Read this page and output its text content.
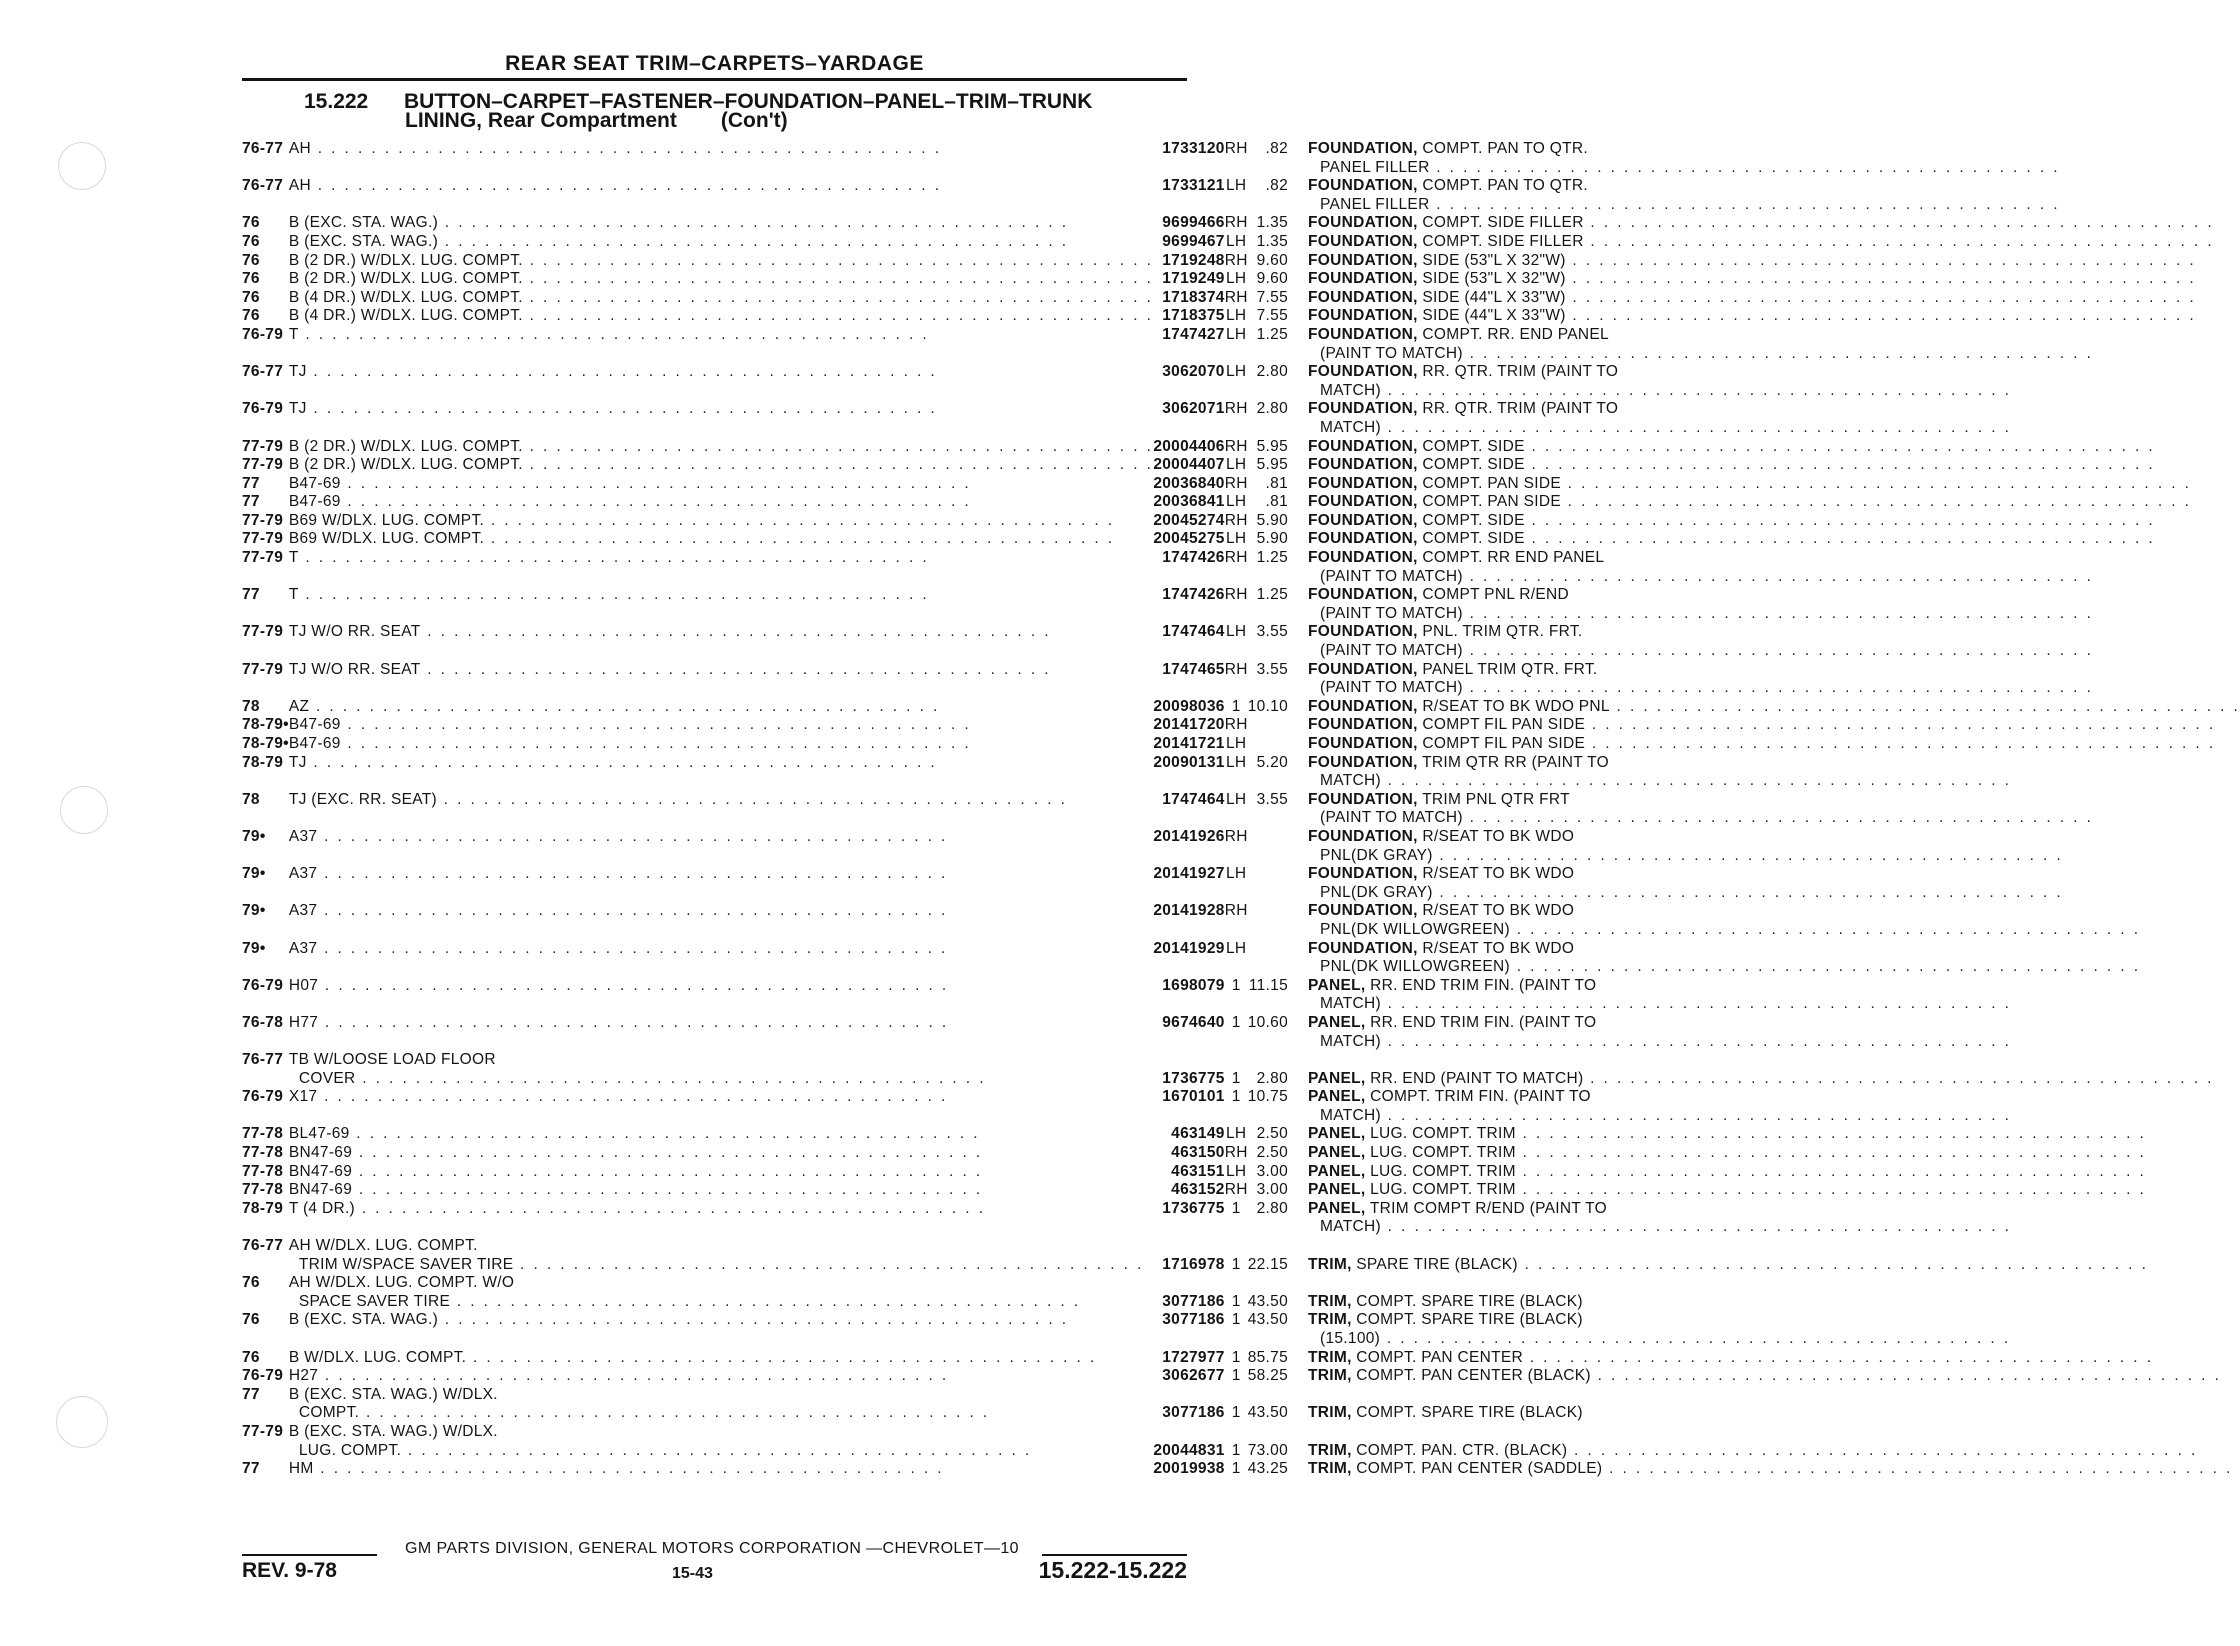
REAR SEAT TRIM–CARPETS–YARDAGE
15.222 BUTTON–CARPET–FASTENER–FOUNDATION–PANEL–TRIM–TRUNK
LINING, Rear Compartment (Con't)
76-77	AH . . . . . . . . . . . . . . . . . . . . . . . . . . . . . . . . . . . . . . . . . . . . . . .	1733120	RH	.82	FOUNDATION, COMPT. PAN TO QTR.
					PANEL FILLER . . . . . . . . . . . . . . . . . . . . . . . . . . . . . . . . . . . . . . . . . . . . . . .
76-77	AH . . . . . . . . . . . . . . . . . . . . . . . . . . . . . . . . . . . . . . . . . . . . . . .	1733121	LH	.82	FOUNDATION, COMPT. PAN TO QTR.
					PANEL FILLER . . . . . . . . . . . . . . . . . . . . . . . . . . . . . . . . . . . . . . . . . . . . . . .
76	B (EXC. STA. WAG.) . . . . . . . . . . . . . . . . . . . . . . . . . . . . . . . . . . . . . . . . . . . . . . .	9699466	RH	1.35	FOUNDATION, COMPT. SIDE FILLER . . . . . . . . . . . . . . . . . . . . . . . . . . . . . . . . . . . . . . . . . . . . . . .
76	B (EXC. STA. WAG.) . . . . . . . . . . . . . . . . . . . . . . . . . . . . . . . . . . . . . . . . . . . . . . .	9699467	LH	1.35	FOUNDATION, COMPT. SIDE FILLER . . . . . . . . . . . . . . . . . . . . . . . . . . . . . . . . . . . . . . . . . . . . . . .
76	B (2 DR.) W/DLX. LUG. COMPT. . . . . . . . . . . . . . . . . . . . . . . . . . . . . . . . . . . . . . . . . . . . . . . .	1719248	RH	9.60	FOUNDATION, SIDE (53"L X 32"W) . . . . . . . . . . . . . . . . . . . . . . . . . . . . . . . . . . . . . . . . . . . . . . .
76	B (2 DR.) W/DLX. LUG. COMPT. . . . . . . . . . . . . . . . . . . . . . . . . . . . . . . . . . . . . . . . . . . . . . . .	1719249	LH	9.60	FOUNDATION, SIDE (53"L X 32"W) . . . . . . . . . . . . . . . . . . . . . . . . . . . . . . . . . . . . . . . . . . . . . . .
76	B (4 DR.) W/DLX. LUG. COMPT. . . . . . . . . . . . . . . . . . . . . . . . . . . . . . . . . . . . . . . . . . . . . . . .	1718374	RH	7.55	FOUNDATION, SIDE (44"L X 33"W) . . . . . . . . . . . . . . . . . . . . . . . . . . . . . . . . . . . . . . . . . . . . . . .
76	B (4 DR.) W/DLX. LUG. COMPT. . . . . . . . . . . . . . . . . . . . . . . . . . . . . . . . . . . . . . . . . . . . . . . .	1718375	LH	7.55	FOUNDATION, SIDE (44"L X 33"W) . . . . . . . . . . . . . . . . . . . . . . . . . . . . . . . . . . . . . . . . . . . . . . .
76-79	T . . . . . . . . . . . . . . . . . . . . . . . . . . . . . . . . . . . . . . . . . . . . . . .	1747427	LH	1.25	FOUNDATION, COMPT. RR. END PANEL
					(PAINT TO MATCH) . . . . . . . . . . . . . . . . . . . . . . . . . . . . . . . . . . . . . . . . . . . . . . .
76-77	TJ . . . . . . . . . . . . . . . . . . . . . . . . . . . . . . . . . . . . . . . . . . . . . . .	3062070	LH	2.80	FOUNDATION, RR. QTR. TRIM (PAINT TO
					MATCH) . . . . . . . . . . . . . . . . . . . . . . . . . . . . . . . . . . . . . . . . . . . . . . .
76-79	TJ . . . . . . . . . . . . . . . . . . . . . . . . . . . . . . . . . . . . . . . . . . . . . . .	3062071	RH	2.80	FOUNDATION, RR. QTR. TRIM (PAINT TO
					MATCH) . . . . . . . . . . . . . . . . . . . . . . . . . . . . . . . . . . . . . . . . . . . . . . .
77-79	B (2 DR.) W/DLX. LUG. COMPT. . . . . . . . . . . . . . . . . . . . . . . . . . . . . . . . . . . . . . . . . . . . . . . .	20004406	RH	5.95	FOUNDATION, COMPT. SIDE . . . . . . . . . . . . . . . . . . . . . . . . . . . . . . . . . . . . . . . . . . . . . . .
77-79	B (2 DR.) W/DLX. LUG. COMPT. . . . . . . . . . . . . . . . . . . . . . . . . . . . . . . . . . . . . . . . . . . . . . . .	20004407	LH	5.95	FOUNDATION, COMPT. SIDE . . . . . . . . . . . . . . . . . . . . . . . . . . . . . . . . . . . . . . . . . . . . . . .
77	B47-69 . . . . . . . . . . . . . . . . . . . . . . . . . . . . . . . . . . . . . . . . . . . . . . .	20036840	RH	.81	FOUNDATION, COMPT. PAN SIDE . . . . . . . . . . . . . . . . . . . . . . . . . . . . . . . . . . . . . . . . . . . . . . .
77	B47-69 . . . . . . . . . . . . . . . . . . . . . . . . . . . . . . . . . . . . . . . . . . . . . . .	20036841	LH	.81	FOUNDATION, COMPT. PAN SIDE . . . . . . . . . . . . . . . . . . . . . . . . . . . . . . . . . . . . . . . . . . . . . . .
77-79	B69 W/DLX. LUG. COMPT. . . . . . . . . . . . . . . . . . . . . . . . . . . . . . . . . . . . . . . . . . . . . . . .	20045274	RH	5.90	FOUNDATION, COMPT. SIDE . . . . . . . . . . . . . . . . . . . . . . . . . . . . . . . . . . . . . . . . . . . . . . .
77-79	B69 W/DLX. LUG. COMPT. . . . . . . . . . . . . . . . . . . . . . . . . . . . . . . . . . . . . . . . . . . . . . . .	20045275	LH	5.90	FOUNDATION, COMPT. SIDE . . . . . . . . . . . . . . . . . . . . . . . . . . . . . . . . . . . . . . . . . . . . . . .
77-79	T . . . . . . . . . . . . . . . . . . . . . . . . . . . . . . . . . . . . . . . . . . . . . . .	1747426	RH	1.25	FOUNDATION, COMPT. RR END PANEL
					(PAINT TO MATCH) . . . . . . . . . . . . . . . . . . . . . . . . . . . . . . . . . . . . . . . . . . . . . . .
77	T . . . . . . . . . . . . . . . . . . . . . . . . . . . . . . . . . . . . . . . . . . . . . . .	1747426	RH	1.25	FOUNDATION, COMPT PNL R/END
					(PAINT TO MATCH) . . . . . . . . . . . . . . . . . . . . . . . . . . . . . . . . . . . . . . . . . . . . . . .
77-79	TJ W/O RR. SEAT . . . . . . . . . . . . . . . . . . . . . . . . . . . . . . . . . . . . . . . . . . . . . . .	1747464	LH	3.55	FOUNDATION, PNL. TRIM QTR. FRT.
					(PAINT TO MATCH) . . . . . . . . . . . . . . . . . . . . . . . . . . . . . . . . . . . . . . . . . . . . . . .
77-79	TJ W/O RR. SEAT . . . . . . . . . . . . . . . . . . . . . . . . . . . . . . . . . . . . . . . . . . . . . . .	1747465	RH	3.55	FOUNDATION, PANEL TRIM QTR. FRT.
					(PAINT TO MATCH) . . . . . . . . . . . . . . . . . . . . . . . . . . . . . . . . . . . . . . . . . . . . . . .
78	AZ . . . . . . . . . . . . . . . . . . . . . . . . . . . . . . . . . . . . . . . . . . . . . . .	20098036	1	10.10	FOUNDATION, R/SEAT TO BK WDO PNL . . . . . . . . . . . . . . . . . . . . . . . . . . . . . . . . . . . . . . . . . . . . . . .
78-79•	B47-69 . . . . . . . . . . . . . . . . . . . . . . . . . . . . . . . . . . . . . . . . . . . . . . .	20141720	RH		FOUNDATION, COMPT FIL PAN SIDE . . . . . . . . . . . . . . . . . . . . . . . . . . . . . . . . . . . . . . . . . . . . . . .
78-79•	B47-69 . . . . . . . . . . . . . . . . . . . . . . . . . . . . . . . . . . . . . . . . . . . . . . .	20141721	LH		FOUNDATION, COMPT FIL PAN SIDE . . . . . . . . . . . . . . . . . . . . . . . . . . . . . . . . . . . . . . . . . . . . . . .
78-79	TJ . . . . . . . . . . . . . . . . . . . . . . . . . . . . . . . . . . . . . . . . . . . . . . .	20090131	LH	5.20	FOUNDATION, TRIM QTR RR (PAINT TO
					MATCH) . . . . . . . . . . . . . . . . . . . . . . . . . . . . . . . . . . . . . . . . . . . . . . .
78	TJ (EXC. RR. SEAT) . . . . . . . . . . . . . . . . . . . . . . . . . . . . . . . . . . . . . . . . . . . . . . .	1747464	LH	3.55	FOUNDATION, TRIM PNL QTR FRT
					(PAINT TO MATCH) . . . . . . . . . . . . . . . . . . . . . . . . . . . . . . . . . . . . . . . . . . . . . . .
79•	A37 . . . . . . . . . . . . . . . . . . . . . . . . . . . . . . . . . . . . . . . . . . . . . . .	20141926	RH		FOUNDATION, R/SEAT TO BK WDO
					PNL(DK GRAY) . . . . . . . . . . . . . . . . . . . . . . . . . . . . . . . . . . . . . . . . . . . . . . .
79•	A37 . . . . . . . . . . . . . . . . . . . . . . . . . . . . . . . . . . . . . . . . . . . . . . .	20141927	LH		FOUNDATION, R/SEAT TO BK WDO
					PNL(DK GRAY) . . . . . . . . . . . . . . . . . . . . . . . . . . . . . . . . . . . . . . . . . . . . . . .
79•	A37 . . . . . . . . . . . . . . . . . . . . . . . . . . . . . . . . . . . . . . . . . . . . . . .	20141928	RH		FOUNDATION, R/SEAT TO BK WDO
					PNL(DK WILLOWGREEN) . . . . . . . . . . . . . . . . . . . . . . . . . . . . . . . . . . . . . . . . . . . . . . .
79•	A37 . . . . . . . . . . . . . . . . . . . . . . . . . . . . . . . . . . . . . . . . . . . . . . .	20141929	LH		FOUNDATION, R/SEAT TO BK WDO
					PNL(DK WILLOWGREEN) . . . . . . . . . . . . . . . . . . . . . . . . . . . . . . . . . . . . . . . . . . . . . . .
76-79	H07 . . . . . . . . . . . . . . . . . . . . . . . . . . . . . . . . . . . . . . . . . . . . . . .	1698079	1	11.15	PANEL, RR. END TRIM FIN. (PAINT TO
					MATCH) . . . . . . . . . . . . . . . . . . . . . . . . . . . . . . . . . . . . . . . . . . . . . . .
76-78	H77 . . . . . . . . . . . . . . . . . . . . . . . . . . . . . . . . . . . . . . . . . . . . . . .	9674640	1	10.60	PANEL, RR. END TRIM FIN. (PAINT TO
					MATCH) . . . . . . . . . . . . . . . . . . . . . . . . . . . . . . . . . . . . . . . . . . . . . . .
76-77	TB W/LOOSE LOAD FLOOR				
	COVER . . . . . . . . . . . . . . . . . . . . . . . . . . . . . . . . . . . . . . . . . . . . . . .	1736775	1	2.80	PANEL, RR. END (PAINT TO MATCH) . . . . . . . . . . . . . . . . . . . . . . . . . . . . . . . . . . . . . . . . . . . . . . .
76-79	X17 . . . . . . . . . . . . . . . . . . . . . . . . . . . . . . . . . . . . . . . . . . . . . . .	1670101	1	10.75	PANEL, COMPT. TRIM FIN. (PAINT TO
					MATCH) . . . . . . . . . . . . . . . . . . . . . . . . . . . . . . . . . . . . . . . . . . . . . . .
77-78	BL47-69 . . . . . . . . . . . . . . . . . . . . . . . . . . . . . . . . . . . . . . . . . . . . . . .	463149	LH	2.50	PANEL, LUG. COMPT. TRIM . . . . . . . . . . . . . . . . . . . . . . . . . . . . . . . . . . . . . . . . . . . . . . .
77-78	BN47-69 . . . . . . . . . . . . . . . . . . . . . . . . . . . . . . . . . . . . . . . . . . . . . . .	463150	RH	2.50	PANEL, LUG. COMPT. TRIM . . . . . . . . . . . . . . . . . . . . . . . . . . . . . . . . . . . . . . . . . . . . . . .
77-78	BN47-69 . . . . . . . . . . . . . . . . . . . . . . . . . . . . . . . . . . . . . . . . . . . . . . .	463151	LH	3.00	PANEL, LUG. COMPT. TRIM . . . . . . . . . . . . . . . . . . . . . . . . . . . . . . . . . . . . . . . . . . . . . . .
77-78	BN47-69 . . . . . . . . . . . . . . . . . . . . . . . . . . . . . . . . . . . . . . . . . . . . . . .	463152	RH	3.00	PANEL, LUG. COMPT. TRIM . . . . . . . . . . . . . . . . . . . . . . . . . . . . . . . . . . . . . . . . . . . . . . .
78-79	T (4 DR.) . . . . . . . . . . . . . . . . . . . . . . . . . . . . . . . . . . . . . . . . . . . . . . .	1736775	1	2.80	PANEL, TRIM COMPT R/END (PAINT TO
					MATCH) . . . . . . . . . . . . . . . . . . . . . . . . . . . . . . . . . . . . . . . . . . . . . . .
76-77	AH W/DLX. LUG. COMPT.				
	TRIM W/SPACE SAVER TIRE . . . . . . . . . . . . . . . . . . . . . . . . . . . . . . . . . . . . . . . . . . . . . . .	1716978	1	22.15	TRIM, SPARE TIRE (BLACK) . . . . . . . . . . . . . . . . . . . . . . . . . . . . . . . . . . . . . . . . . . . . . . .
76	AH W/DLX. LUG. COMPT. W/O				
	SPACE SAVER TIRE . . . . . . . . . . . . . . . . . . . . . . . . . . . . . . . . . . . . . . . . . . . . . . .	3077186	1	43.50	TRIM, COMPT. SPARE TIRE (BLACK)
76	B (EXC. STA. WAG.) . . . . . . . . . . . . . . . . . . . . . . . . . . . . . . . . . . . . . . . . . . . . . . .	3077186	1	43.50	TRIM, COMPT. SPARE TIRE (BLACK)
					(15.100) . . . . . . . . . . . . . . . . . . . . . . . . . . . . . . . . . . . . . . . . . . . . . . .
76	B W/DLX. LUG. COMPT. . . . . . . . . . . . . . . . . . . . . . . . . . . . . . . . . . . . . . . . . . . . . . . .	1727977	1	85.75	TRIM, COMPT. PAN CENTER . . . . . . . . . . . . . . . . . . . . . . . . . . . . . . . . . . . . . . . . . . . . . . .
76-79	H27 . . . . . . . . . . . . . . . . . . . . . . . . . . . . . . . . . . . . . . . . . . . . . . .	3062677	1	58.25	TRIM, COMPT. PAN CENTER (BLACK) . . . . . . . . . . . . . . . . . . . . . . . . . . . . . . . . . . . . . . . . . . . . . . .
77	B (EXC. STA. WAG.) W/DLX.				
	COMPT. . . . . . . . . . . . . . . . . . . . . . . . . . . . . . . . . . . . . . . . . . . . . . . .	3077186	1	43.50	TRIM, COMPT. SPARE TIRE (BLACK)
77-79	B (EXC. STA. WAG.) W/DLX.				
	LUG. COMPT. . . . . . . . . . . . . . . . . . . . . . . . . . . . . . . . . . . . . . . . . . . . . . . .	20044831	1	73.00	TRIM, COMPT. PAN. CTR. (BLACK) . . . . . . . . . . . . . . . . . . . . . . . . . . . . . . . . . . . . . . . . . . . . . . .
77	HM . . . . . . . . . . . . . . . . . . . . . . . . . . . . . . . . . . . . . . . . . . . . . . .	20019938	1	43.25	TRIM, COMPT. PAN CENTER (SADDLE) . . . . . . . . . . . . . . . . . . . . . . . . . . . . . . . . . . . . . . . . . . . . . . .
GM PARTS DIVISION, GENERAL MOTORS CORPORATION —CHEVROLET—10
REV. 9-78	15-43	15.222-15.222
